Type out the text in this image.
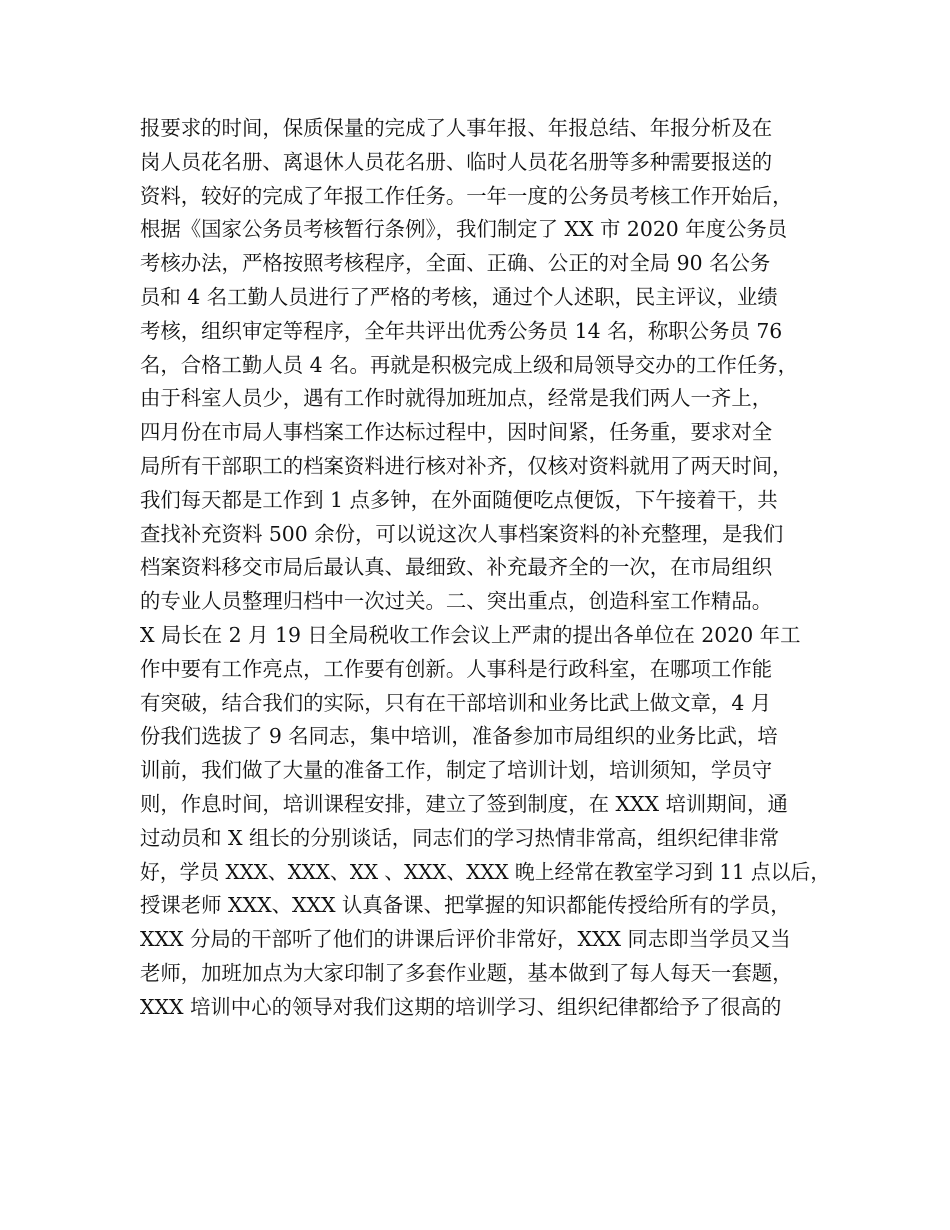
报要求的时间，保质保量的完成了人事年报、年报总结、年报分析及在
岗人员花名册、离退休人员花名册、临时人员花名册等多种需要报送的
资料，较好的完成了年报工作任务。一年一度的公务员考核工作开始后，
根据《国家公务员考核暂行条例》，我们制定了 XX 市 2020 年度公务员
考核办法，严格按照考核程序，全面、正确、公正的对全局 90 名公务
员和 4 名工勤人员进行了严格的考核，通过个人述职，民主评议，业绩
考核，组织审定等程序，全年共评出优秀公务员 14 名，称职公务员 76
名，合格工勤人员 4 名。再就是积极完成上级和局领导交办的工作任务，
由于科室人员少，遇有工作时就得加班加点，经常是我们两人一齐上，
四月份在市局人事档案工作达标过程中，因时间紧，任务重，要求对全
局所有干部职工的档案资料进行核对补齐，仅核对资料就用了两天时间，
我们每天都是工作到 1 点多钟，在外面随便吃点便饭，下午接着干，共
查找补充资料 500 余份，可以说这次人事档案资料的补充整理，是我们
档案资料移交市局后最认真、最细致、补充最齐全的一次，在市局组织
的专业人员整理归档中一次过关。二、突出重点，创造科室工作精品。
X 局长在 2 月 19 日全局税收工作会议上严肃的提出各单位在 2020 年工
作中要有工作亮点，工作要有创新。人事科是行政科室，在哪项工作能
有突破，结合我们的实际，只有在干部培训和业务比武上做文章，4 月
份我们选拔了 9 名同志，集中培训，准备参加市局组织的业务比武，培
训前，我们做了大量的准备工作，制定了培训计划，培训须知，学员守
则，作息时间，培训课程安排，建立了签到制度，在 XXX 培训期间，通
过动员和 X 组长的分别谈话，同志们的学习热情非常高，组织纪律非常
好，学员 XXX、XXX、XX 、XXX、XXX 晚上经常在教室学习到 11 点以后，
授课老师 XXX、XXX 认真备课、把掌握的知识都能传授给所有的学员，
XXX 分局的干部听了他们的讲课后评价非常好，XXX 同志即当学员又当
老师，加班加点为大家印制了多套作业题，基本做到了每人每天一套题，
XXX 培训中心的领导对我们这期的培训学习、组织纪律都给予了很高的
